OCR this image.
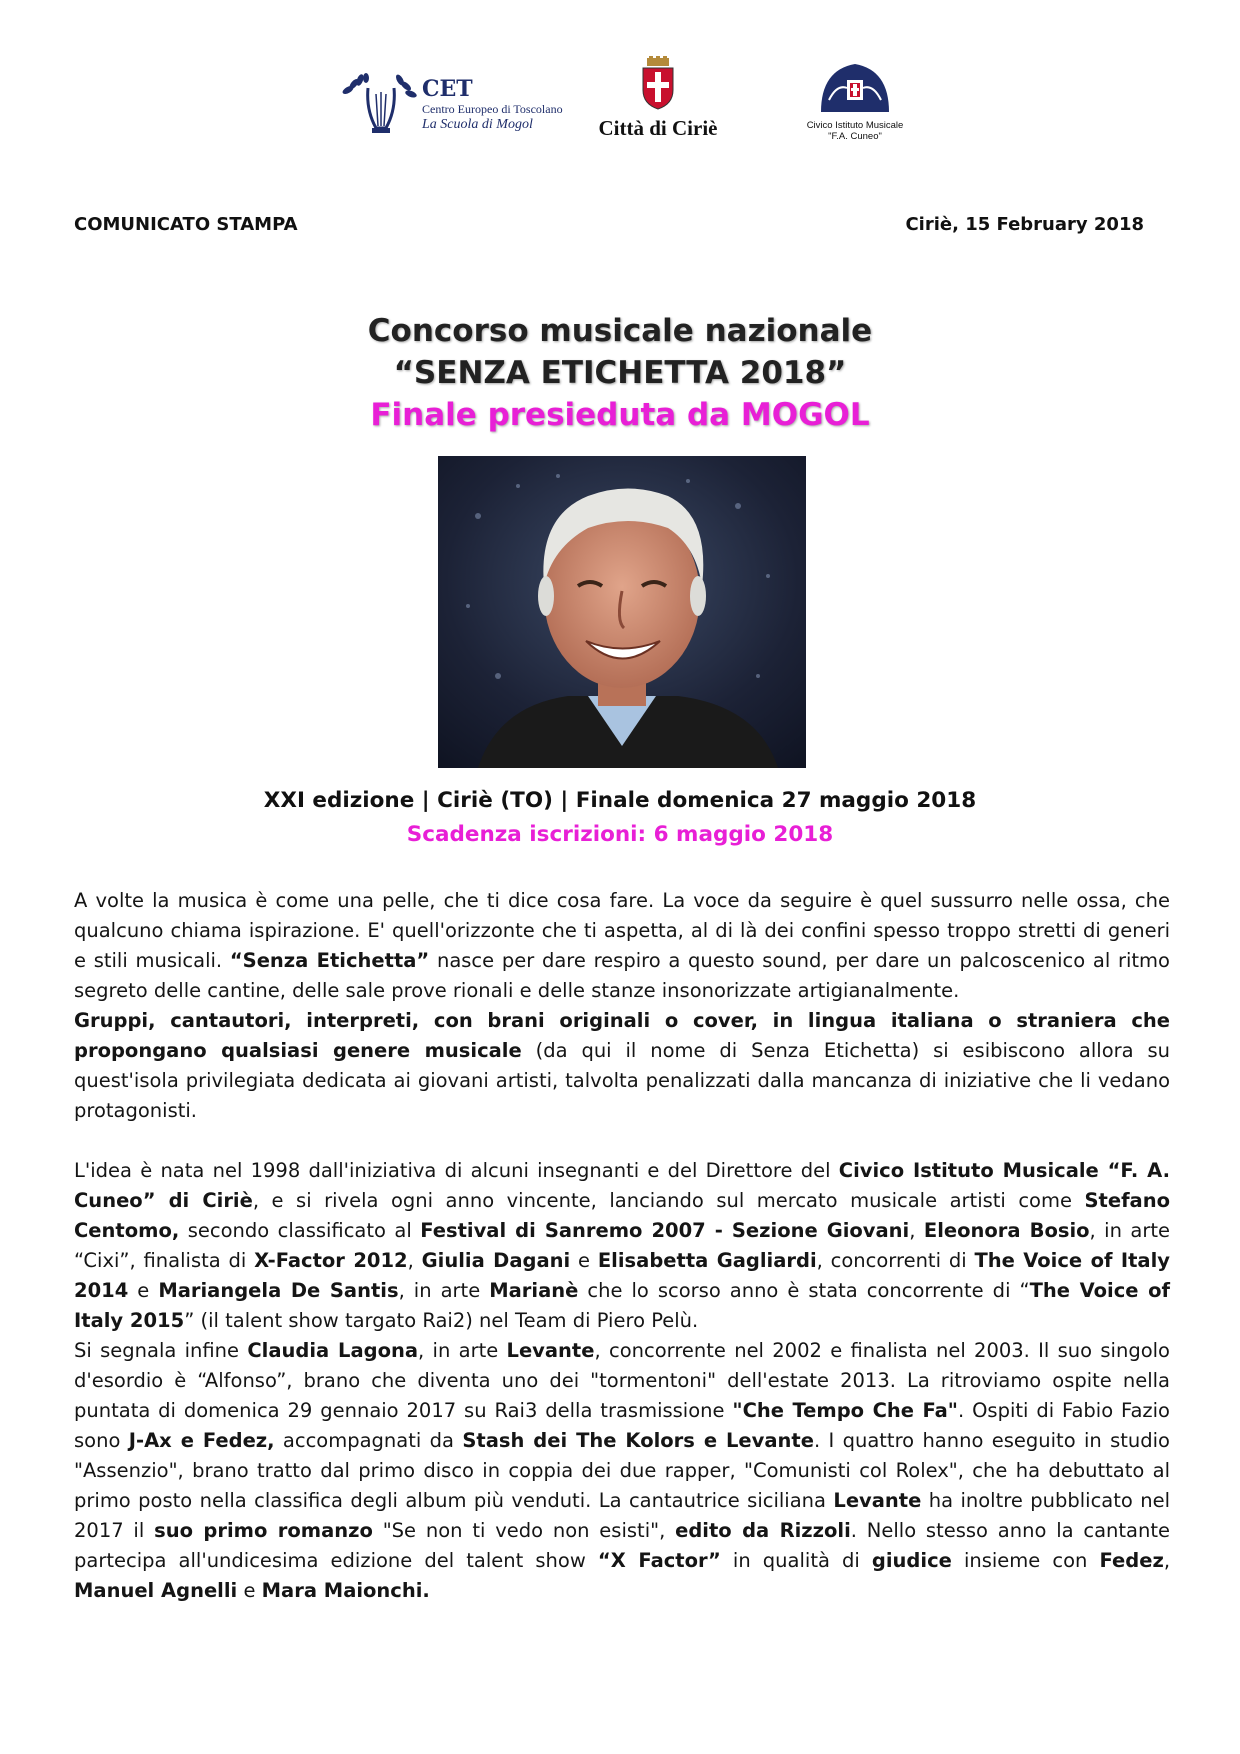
CET
Centro Europeo di Toscolano
La Scuola di Mogol	Città di Ciriè	Civico Istituto Musicale
"F.A. Cuneo"
COMUNICATO STAMPA	Ciriè, 15 February 2018
Concorso musicale nazionale
“SENZA ETICHETTA 2018”
Finale presieduta da MOGOL
XXI edizione | Ciriè (TO) | Finale domenica 27 maggio 2018
Scadenza iscrizioni: 6 maggio 2018

A volte la musica è come una pelle, che ti dice cosa fare. La voce da seguire è quel sussurro nelle ossa, che qualcuno chiama ispirazione. E' quell'orizzonte che ti aspetta, al di là dei confini spesso troppo stretti di generi e stili musicali. “Senza Etichetta” nasce per dare respiro a questo sound, per dare un palcoscenico al ritmo segreto delle cantine, delle sale prove rionali e delle stanze insonorizzate artigianalmente.

Gruppi, cantautori, interpreti, con brani originali o cover, in lingua italiana o straniera che propongano qualsiasi genere musicale (da qui il nome di Senza Etichetta) si esibiscono allora su quest'isola privilegiata dedicata ai giovani artisti, talvolta penalizzati dalla mancanza di iniziative che li vedano protagonisti.

L'idea è nata nel 1998 dall'iniziativa di alcuni insegnanti e del Direttore del Civico Istituto Musicale “F. A. Cuneo” di Ciriè, e si rivela ogni anno vincente, lanciando sul mercato musicale artisti come Stefano Centomo, secondo classificato al Festival di Sanremo 2007 - Sezione Giovani, Eleonora Bosio, in arte “Cixi”, finalista di X-Factor 2012, Giulia Dagani e Elisabetta Gagliardi, concorrenti di The Voice of Italy 2014 e Mariangela De Santis, in arte Marianè che lo scorso anno è stata concorrente di “The Voice of Italy 2015” (il talent show targato Rai2) nel Team di Piero Pelù.

Si segnala infine Claudia Lagona, in arte Levante, concorrente nel 2002 e finalista nel 2003. Il suo singolo d'esordio è “Alfonso”, brano che diventa uno dei "tormentoni" dell'estate 2013. La ritroviamo ospite nella puntata di domenica 29 gennaio 2017 su Rai3 della trasmissione "Che Tempo Che Fa". Ospiti di Fabio Fazio sono J-Ax e Fedez, accompagnati da Stash dei The Kolors e Levante. I quattro hanno eseguito in studio "Assenzio", brano tratto dal primo disco in coppia dei due rapper, "Comunisti col Rolex", che ha debuttato al primo posto nella classifica degli album più venduti. La cantautrice siciliana Levante ha inoltre pubblicato nel 2017 il suo primo romanzo "Se non ti vedo non esisti", edito da Rizzoli. Nello stesso anno la cantante partecipa all'undicesima edizione del talent show “X Factor” in qualità di giudice insieme con Fedez, Manuel Agnelli e Mara Maionchi.
